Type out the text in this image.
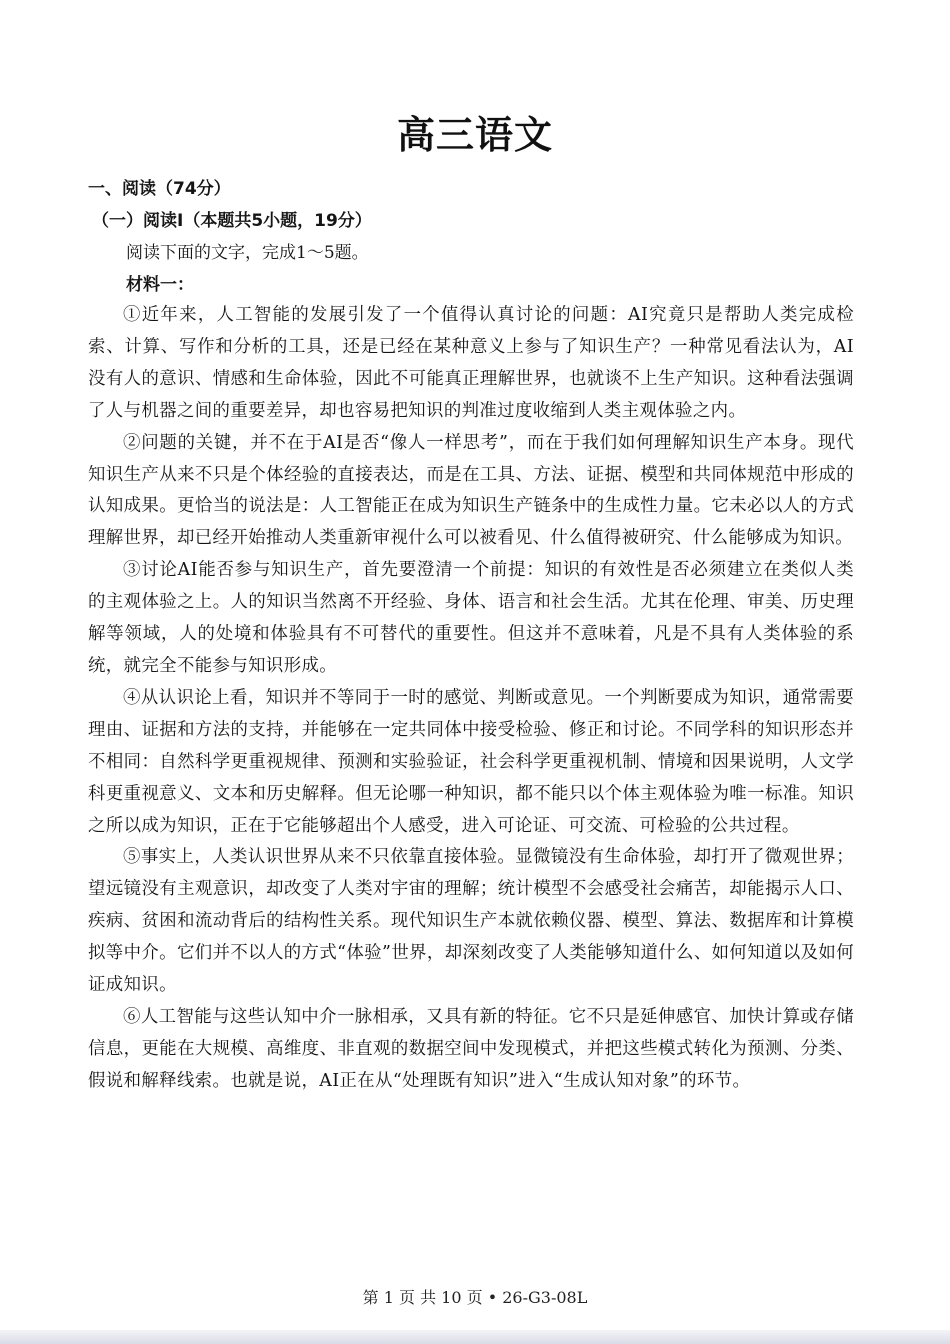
高三语文
一、阅读（74分）
（一）阅读I（本题共5小题，19分）
阅读下面的文字，完成1～5题。
材料一：

①近年来，人工智能的发展引发了一个值得认真讨论的问题：AI究竟只是帮助人类完成检索、计算、写作和分析的工具，还是已经在某种意义上参与了知识生产？一种常见看法认为，AI没有人的意识、情感和生命体验，因此不可能真正理解世界，也就谈不上生产知识。这种看法强调了人与机器之间的重要差异，却也容易把知识的判准过度收缩到人类主观体验之内。

②问题的关键，并不在于AI是否“像人一样思考”，而在于我们如何理解知识生产本身。现代知识生产从来不只是个体经验的直接表达，而是在工具、方法、证据、模型和共同体规范中形成的认知成果。更恰当的说法是：人工智能正在成为知识生产链条中的生成性力量。它未必以人的方式理解世界，却已经开始推动人类重新审视什么可以被看见、什么值得被研究、什么能够成为知识。

③讨论AI能否参与知识生产，首先要澄清一个前提：知识的有效性是否必须建立在类似人类的主观体验之上。人的知识当然离不开经验、身体、语言和社会生活。尤其在伦理、审美、历史理解等领域，人的处境和体验具有不可替代的重要性。但这并不意味着，凡是不具有人类体验的系统，就完全不能参与知识形成。

④从认识论上看，知识并不等同于一时的感觉、判断或意见。一个判断要成为知识，通常需要理由、证据和方法的支持，并能够在一定共同体中接受检验、修正和讨论。不同学科的知识形态并不相同：自然科学更重视规律、预测和实验验证，社会科学更重视机制、情境和因果说明，人文学科更重视意义、文本和历史解释。但无论哪一种知识，都不能只以个体主观体验为唯一标准。知识之所以成为知识，正在于它能够超出个人感受，进入可论证、可交流、可检验的公共过程。

⑤事实上，人类认识世界从来不只依靠直接体验。显微镜没有生命体验，却打开了微观世界；望远镜没有主观意识，却改变了人类对宇宙的理解；统计模型不会感受社会痛苦，却能揭示人口、疾病、贫困和流动背后的结构性关系。现代知识生产本就依赖仪器、模型、算法、数据库和计算模拟等中介。它们并不以人的方式“体验”世界，却深刻改变了人类能够知道什么、如何知道以及如何证成知识。

⑥人工智能与这些认知中介一脉相承，又具有新的特征。它不只是延伸感官、加快计算或存储信息，更能在大规模、高维度、非直观的数据空间中发现模式，并把这些模式转化为预测、分类、假说和解释线索。也就是说，AI正在从“处理既有知识”进入“生成认知对象”的环节。

第 1 页 共 10 页 • 26-G3-08L
